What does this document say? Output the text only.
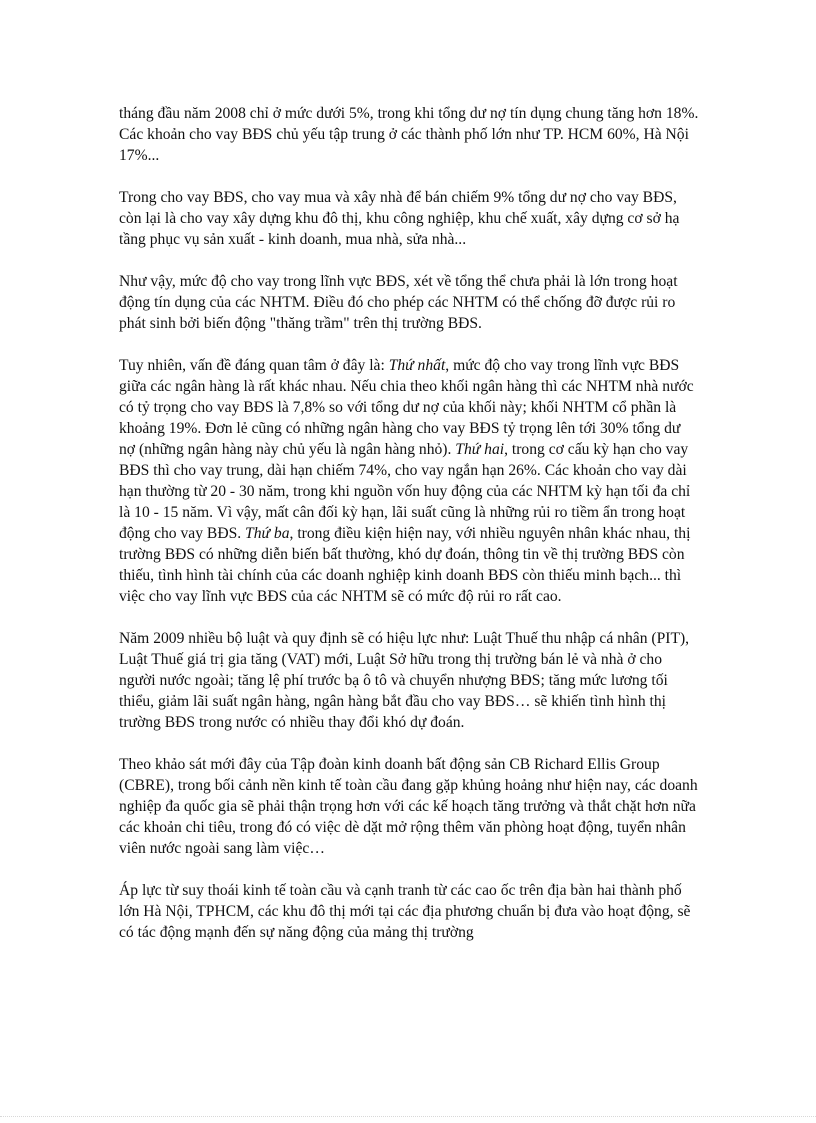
tháng đầu năm 2008 chỉ ở mức dưới 5%, trong khi tổng dư nợ tín dụng chung tăng hơn 18%. Các khoản cho vay BĐS chủ yếu tập trung ở các thành phố lớn như TP. HCM 60%, Hà Nội 17%...

Trong cho vay BĐS, cho vay mua và xây nhà để bán chiếm 9% tổng dư nợ cho vay BĐS, còn lại là cho vay xây dựng khu đô thị, khu công nghiệp, khu chế xuất, xây dựng cơ sở hạ tầng phục vụ sản xuất - kinh doanh, mua nhà, sửa nhà...

Như vậy, mức độ cho vay trong lĩnh vực BĐS, xét về tổng thể chưa phải là lớn trong hoạt động tín dụng của các NHTM. Điều đó cho phép các NHTM có thể chống đỡ được rủi ro phát sinh bởi biến động "thăng trầm" trên thị trường BĐS.

Tuy nhiên, vấn đề đáng quan tâm ở đây là: Thứ nhất, mức độ cho vay trong lĩnh vực BĐS giữa các ngân hàng là rất khác nhau. Nếu chia theo khối ngân hàng thì các NHTM nhà nước có tỷ trọng cho vay BĐS là 7,8% so với tổng dư nợ của khối này; khối NHTM cổ phần là khoảng 19%. Đơn lẻ cũng có những ngân hàng cho vay BĐS tỷ trọng lên tới 30% tổng dư nợ (những ngân hàng này chủ yếu là ngân hàng nhỏ). Thứ hai, trong cơ cấu kỳ hạn cho vay BĐS thì cho vay trung, dài hạn chiếm 74%, cho vay ngắn hạn 26%. Các khoản cho vay dài hạn thường từ 20 - 30 năm, trong khi nguồn vốn huy động của các NHTM kỳ hạn tối đa chỉ là 10 - 15 năm. Vì vậy, mất cân đối kỳ hạn, lãi suất cũng là những rủi ro tiềm ẩn trong hoạt động cho vay BĐS. Thứ ba, trong điều kiện hiện nay, với nhiều nguyên nhân khác nhau, thị trường BĐS có những diễn biến bất thường, khó dự đoán, thông tin về thị trường BĐS còn thiếu, tình hình tài chính của các doanh nghiệp kinh doanh BĐS còn thiếu minh bạch... thì việc cho vay lĩnh vực BĐS của các NHTM sẽ có mức độ rủi ro rất cao.

Năm 2009 nhiều bộ luật và quy định sẽ có hiệu lực như: Luật Thuế thu nhập cá nhân (PIT), Luật Thuế giá trị gia tăng (VAT) mới, Luật Sở hữu trong thị trường bán lẻ và nhà ở cho người nước ngoài; tăng lệ phí trước bạ ô tô và chuyển nhượng BĐS; tăng mức lương tối thiểu, giảm lãi suất ngân hàng, ngân hàng bắt đầu cho vay BĐS… sẽ khiến tình hình thị trường BĐS trong nước có nhiều thay đổi khó dự đoán.

Theo khảo sát mới đây của Tập đoàn kinh doanh bất động sản CB Richard Ellis Group (CBRE), trong bối cảnh nền kinh tế toàn cầu đang gặp khủng hoảng như hiện nay, các doanh nghiệp đa quốc gia sẽ phải thận trọng hơn với các kế hoạch tăng trưởng và thắt chặt hơn nữa các khoản chi tiêu, trong đó có việc dè dặt mở rộng thêm văn phòng hoạt động, tuyển nhân viên nước ngoài sang làm việc…

Áp lực từ suy thoái kinh tế toàn cầu và cạnh tranh từ các cao ốc trên địa bàn hai thành phố lớn Hà Nội, TPHCM, các khu đô thị mới tại các địa phương chuẩn bị đưa vào hoạt động, sẽ có tác động mạnh đến sự năng động của mảng thị trường
